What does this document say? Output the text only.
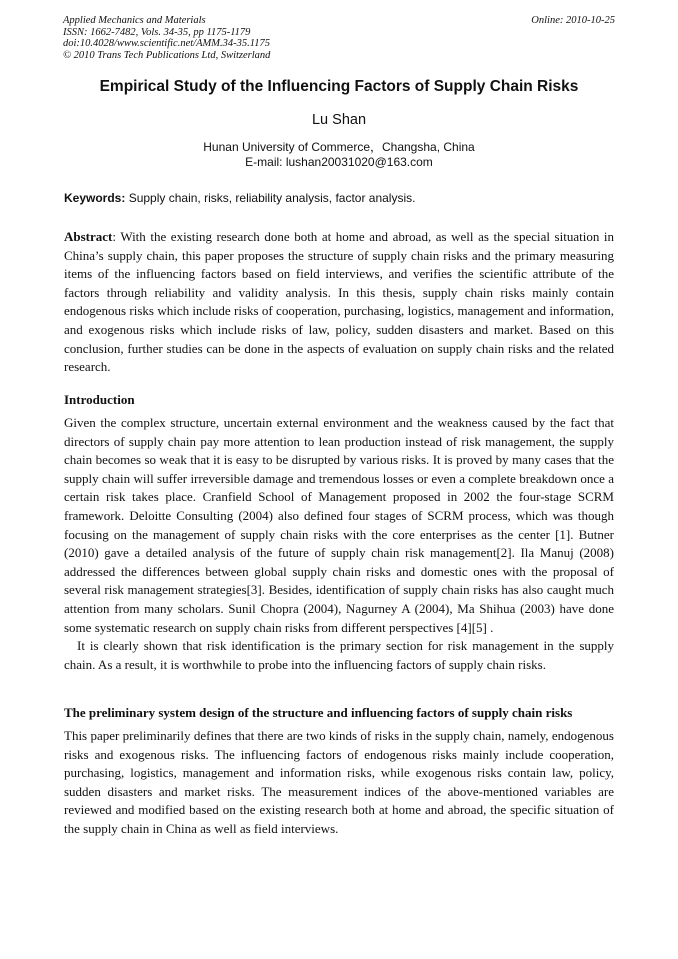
Applied Mechanics and Materials
ISSN: 1662-7482, Vols. 34-35, pp 1175-1179
doi:10.4028/www.scientific.net/AMM.34-35.1175
© 2010 Trans Tech Publications Ltd, Switzerland
Online: 2010-10-25
Empirical Study of the Influencing Factors of Supply Chain Risks
Lu Shan
Hunan University of Commerce，Changsha, China
E-mail: lushan20031020@163.com
Keywords: Supply chain, risks, reliability analysis, factor analysis.

Abstract: With the existing research done both at home and abroad, as well as the special situation in China’s supply chain, this paper proposes the structure of supply chain risks and the primary measuring items of the influencing factors based on field interviews, and verifies the scientific attribute of the factors through reliability and validity analysis. In this thesis, supply chain risks mainly contain endogenous risks which include risks of cooperation, purchasing, logistics, management and information, and exogenous risks which include risks of law, policy, sudden disasters and market. Based on this conclusion, further studies can be done in the aspects of evaluation on supply chain risks and the related research.

Introduction

Given the complex structure, uncertain external environment and the weakness caused by the fact that directors of supply chain pay more attention to lean production instead of risk management, the supply chain becomes so weak that it is easy to be disrupted by various risks. It is proved by many cases that the supply chain will suffer irreversible damage and tremendous losses or even a complete breakdown once a certain risk takes place. Cranfield School of Management proposed in 2002 the four-stage SCRM framework. Deloitte Consulting (2004) also defined four stages of SCRM process, which was though focusing on the management of supply chain risks with the core enterprises as the center [1]. Butner (2010) gave a detailed analysis of the future of supply chain risk management[2]. Ila Manuj (2008) addressed the differences between global supply chain risks and domestic ones with the proposal of several risk management strategies[3]. Besides, identification of supply chain risks has also caught much attention from many scholars. Sunil Chopra (2004), Nagurney A (2004), Ma Shihua (2003) have done some systematic research on supply chain risks from different perspectives [4][5] .

It is clearly shown that risk identification is the primary section for risk management in the supply chain. As a result, it is worthwhile to probe into the influencing factors of supply chain risks.

The preliminary system design of the structure and influencing factors of supply chain risks

This paper preliminarily defines that there are two kinds of risks in the supply chain, namely, endogenous risks and exogenous risks. The influencing factors of endogenous risks mainly include cooperation, purchasing, logistics, management and information risks, while exogenous risks contain law, policy, sudden disasters and market risks. The measurement indices of the above-mentioned variables are reviewed and modified based on the existing research both at home and abroad, the specific situation of the supply chain in China as well as field interviews.
